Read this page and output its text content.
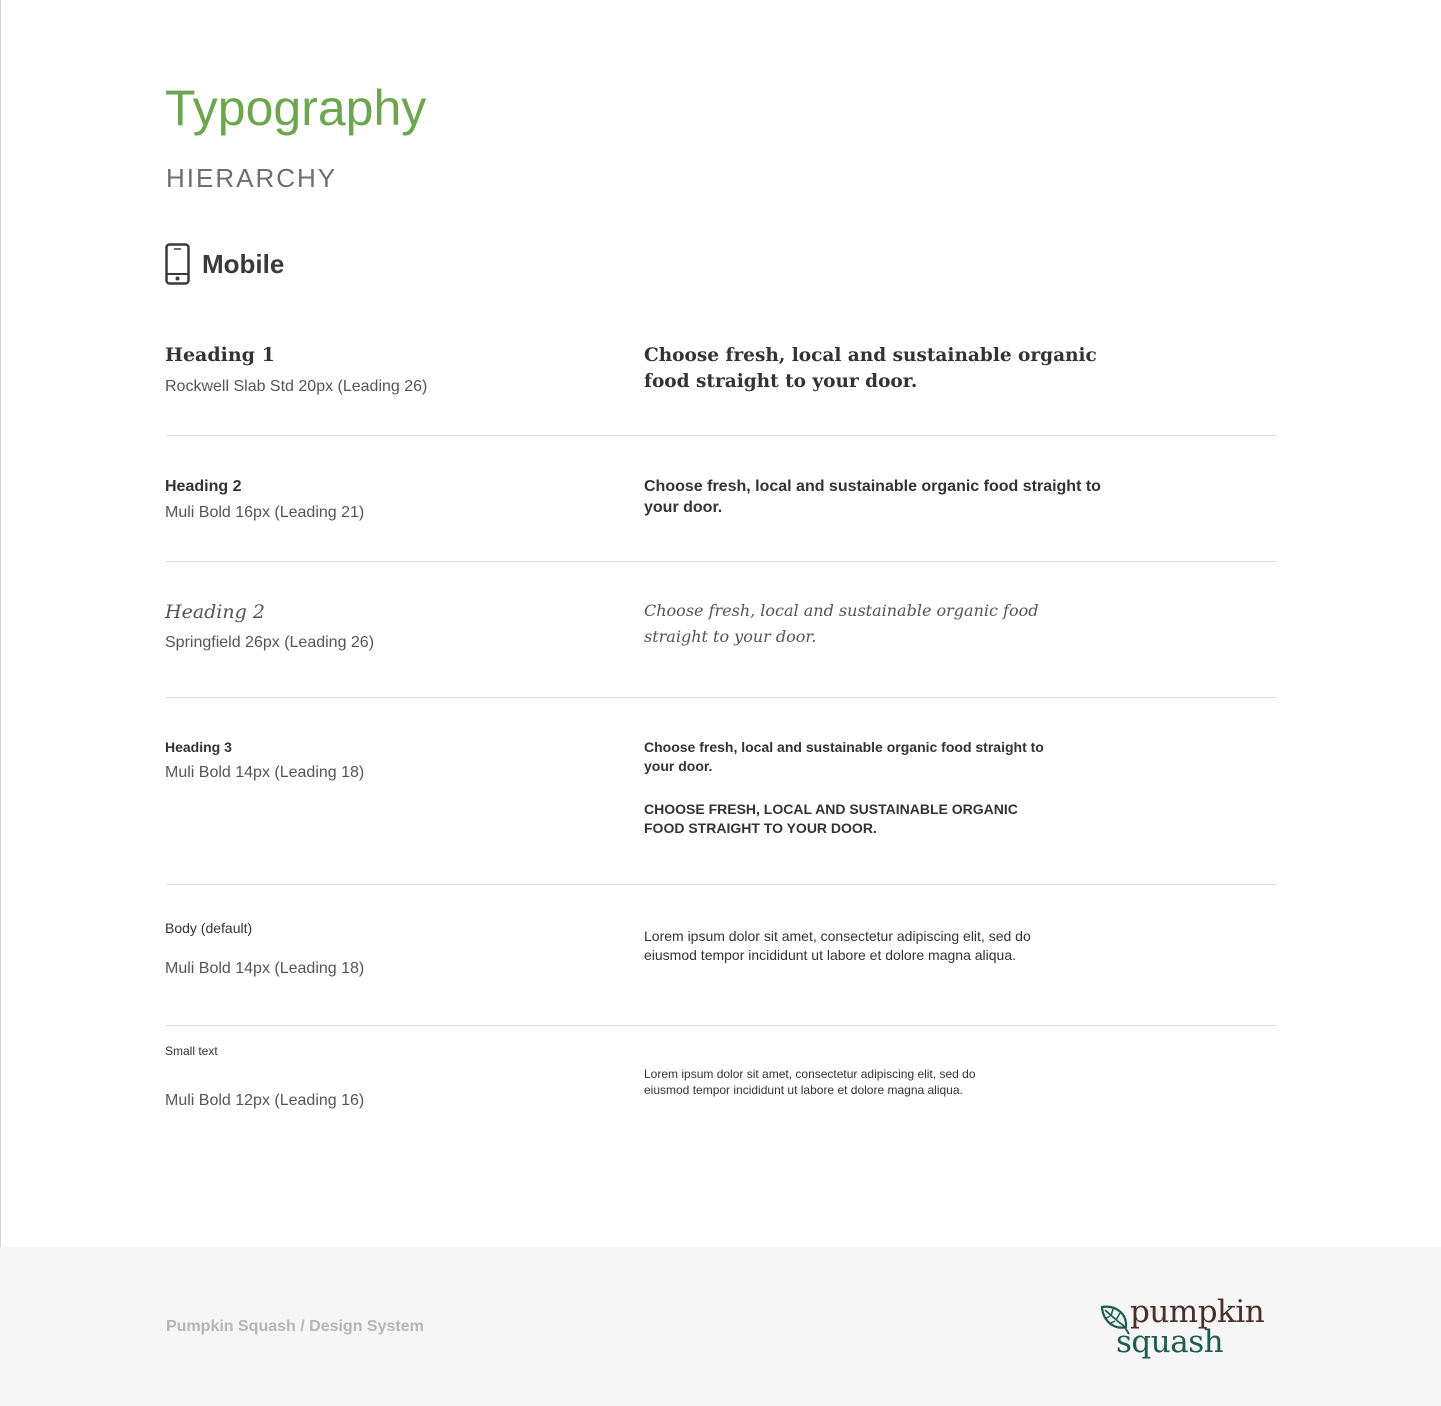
Typography
HIERARCHY
Mobile

Heading 1

Rockwell Slab Std 20px (Leading 26)

Choose fresh, local and sustainable organic food straight to your door.

Heading 2

Muli Bold 16px (Leading 21)

Choose fresh, local and sustainable organic food straight to your door.

Heading 2

Springfield 26px (Leading 26)

Choose fresh, local and sustainable organic food straight to your door.

Heading 3

Muli Bold 14px (Leading 18)

Choose fresh, local and sustainable organic food straight to your door.

CHOOSE FRESH, LOCAL AND SUSTAINABLE ORGANIC FOOD STRAIGHT TO YOUR DOOR.

Body (default)

Muli Bold 14px (Leading 18)

Lorem ipsum dolor sit amet, consectetur adipiscing elit, sed do eiusmod tempor incididunt ut labore et dolore magna aliqua.

Small text

Muli Bold 12px (Leading 16)

Lorem ipsum dolor sit amet, consectetur adipiscing elit, sed do eiusmod tempor incididunt ut labore et dolore magna aliqua.

Pumpkin Squash / Design System	pumpkin
squash
